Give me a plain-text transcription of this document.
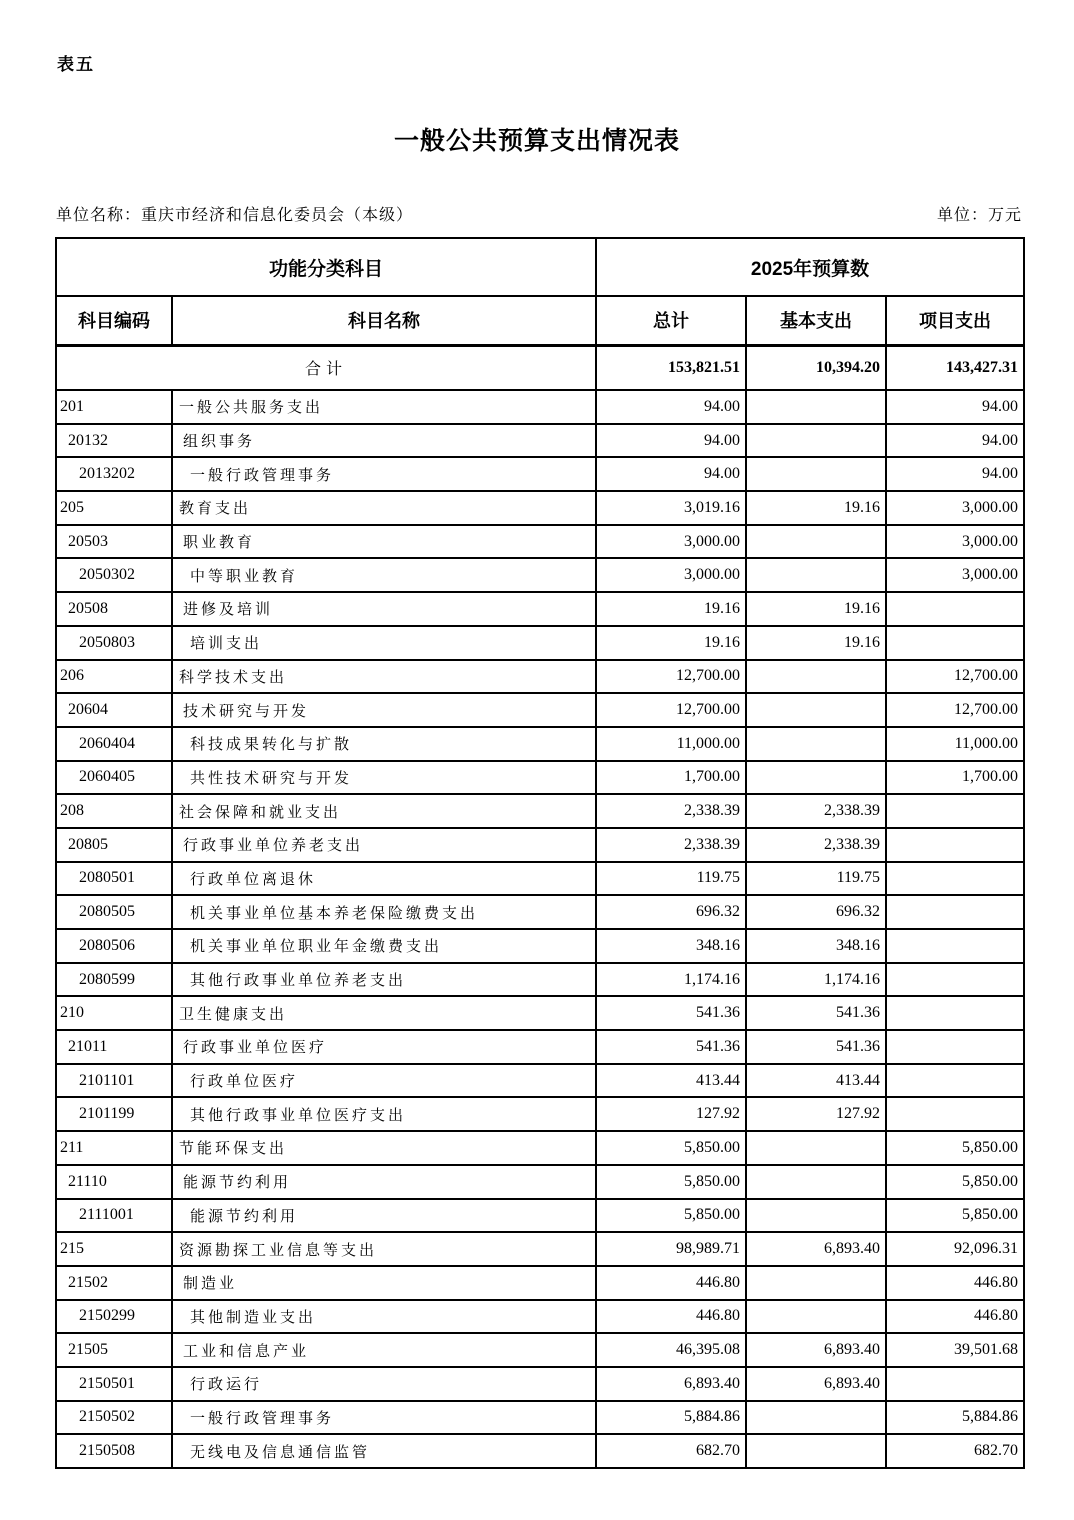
表五
一般公共预算支出情况表
单位名称：重庆市经济和信息化委员会（本级）	单位：万元
功能分类科目		2025年预算数		
科目编码	科目名称	总计	基本支出	项目支出
合计		153,821.51	10,394.20	143,427.31
201	一般公共服务支出	94.00		94.00
20132	组织事务	94.00		94.00
2013202	一般行政管理事务	94.00		94.00
205	教育支出	3,019.16	19.16	3,000.00
20503	职业教育	3,000.00		3,000.00
2050302	中等职业教育	3,000.00		3,000.00
20508	进修及培训	19.16	19.16	
2050803	培训支出	19.16	19.16	
206	科学技术支出	12,700.00		12,700.00
20604	技术研究与开发	12,700.00		12,700.00
2060404	科技成果转化与扩散	11,000.00		11,000.00
2060405	共性技术研究与开发	1,700.00		1,700.00
208	社会保障和就业支出	2,338.39	2,338.39	
20805	行政事业单位养老支出	2,338.39	2,338.39	
2080501	行政单位离退休	119.75	119.75	
2080505	机关事业单位基本养老保险缴费支出	696.32	696.32	
2080506	机关事业单位职业年金缴费支出	348.16	348.16	
2080599	其他行政事业单位养老支出	1,174.16	1,174.16	
210	卫生健康支出	541.36	541.36	
21011	行政事业单位医疗	541.36	541.36	
2101101	行政单位医疗	413.44	413.44	
2101199	其他行政事业单位医疗支出	127.92	127.92	
211	节能环保支出	5,850.00		5,850.00
21110	能源节约利用	5,850.00		5,850.00
2111001	能源节约利用	5,850.00		5,850.00
215	资源勘探工业信息等支出	98,989.71	6,893.40	92,096.31
21502	制造业	446.80		446.80
2150299	其他制造业支出	446.80		446.80
21505	工业和信息产业	46,395.08	6,893.40	39,501.68
2150501	行政运行	6,893.40	6,893.40	
2150502	一般行政管理事务	5,884.86		5,884.86
2150508	无线电及信息通信监管	682.70		682.70
